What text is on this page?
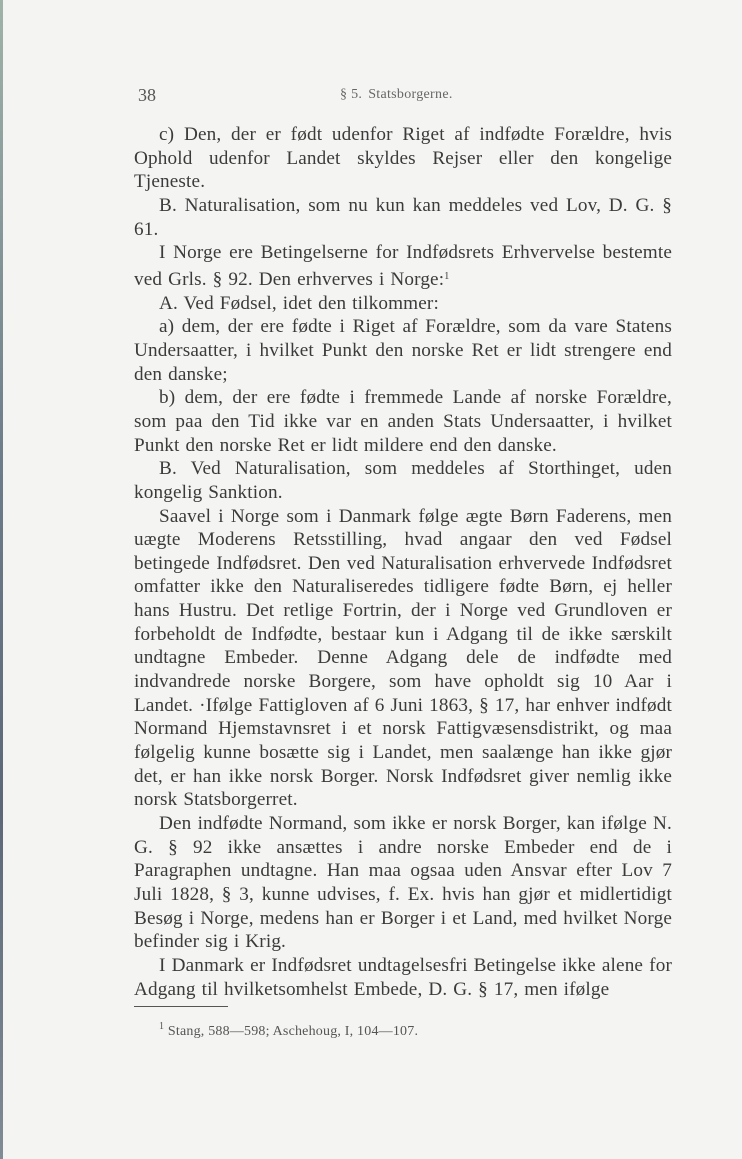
38	§ 5. Statsborgerne.

c) Den, der er født udenfor Riget af indfødte Forældre, hvis Ophold udenfor Landet skyldes Rejser eller den kongelige Tjeneste.

B. Naturalisation, som nu kun kan meddeles ved Lov, D. G. § 61.

I Norge ere Betingelserne for Indfødsrets Erhvervelse bestemte ved Grls. § 92. Den erhverves i Norge:$^1$

A. Ved Fødsel, idet den tilkommer:

a) dem, der ere fødte i Riget af Forældre, som da vare Statens Undersaatter, i hvilket Punkt den norske Ret er lidt strengere end den danske;

b) dem, der ere fødte i fremmede Lande af norske Forældre, som paa den Tid ikke var en anden Stats Undersaatter, i hvilket Punkt den norske Ret er lidt mildere end den danske.

B. Ved Naturalisation, som meddeles af Storthinget, uden kongelig Sanktion.

Saavel i Norge som i Danmark følge ægte Børn Faderens, men uægte Moderens Retsstilling, hvad angaar den ved Fødsel betingede Indfødsret. Den ved Naturalisation erhvervede Indfødsret omfatter ikke den Naturaliseredes tidligere fødte Børn, ej heller hans Hustru. Det retlige Fortrin, der i Norge ved Grundloven er forbeholdt de Indfødte, bestaar kun i Adgang til de ikke særskilt undtagne Embeder. Denne Adgang dele de indfødte med indvandrede norske Borgere, som have opholdt sig 10 Aar i Landet. ·Ifølge Fattigloven af 6 Juni 1863, § 17, har enhver indfødt Normand Hjemstavnsret i et norsk Fattigvæsensdistrikt, og maa følgelig kunne bosætte sig i Landet, men saalænge han ikke gjør det, er han ikke norsk Borger. Norsk Indfødsret giver nemlig ikke norsk Statsborgerret.

Den indfødte Normand, som ikke er norsk Borger, kan ifølge N. G. § 92 ikke ansættes i andre norske Embeder end de i Paragraphen undtagne. Han maa ogsaa uden Ansvar efter Lov 7 Juli 1828, § 3, kunne udvises, f. Ex. hvis han gjør et midlertidigt Besøg i Norge, medens han er Borger i et Land, med hvilket Norge befinder sig i Krig.

I Danmark er Indfødsret undtagelsesfri Betingelse ikke alene for Adgang til hvilketsomhelst Embede, D. G. § 17, men ifølge

$^1$ Stang, 588—598; Aschehoug, I, 104—107.
